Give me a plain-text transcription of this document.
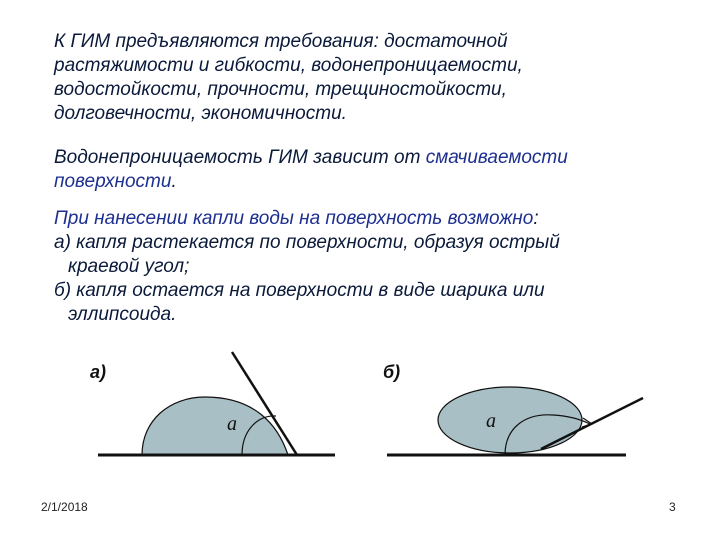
К ГИМ предъявляются требования: достаточной
растяжимости и гибкости, водонепроницаемости,
водостойкости, прочности, трещиностойкости,
долговечности, экономичности.

Водонепроницаемость ГИМ зависит от смачиваемости
поверхности.

При нанесении капли воды на поверхность возможно:
а) капля растекается по поверхности, образуя острый
краевой угол;
б) капля остается на поверхности в виде шарика или
эллипсоида.

а)	б)
a	a
2/1/2018	3
